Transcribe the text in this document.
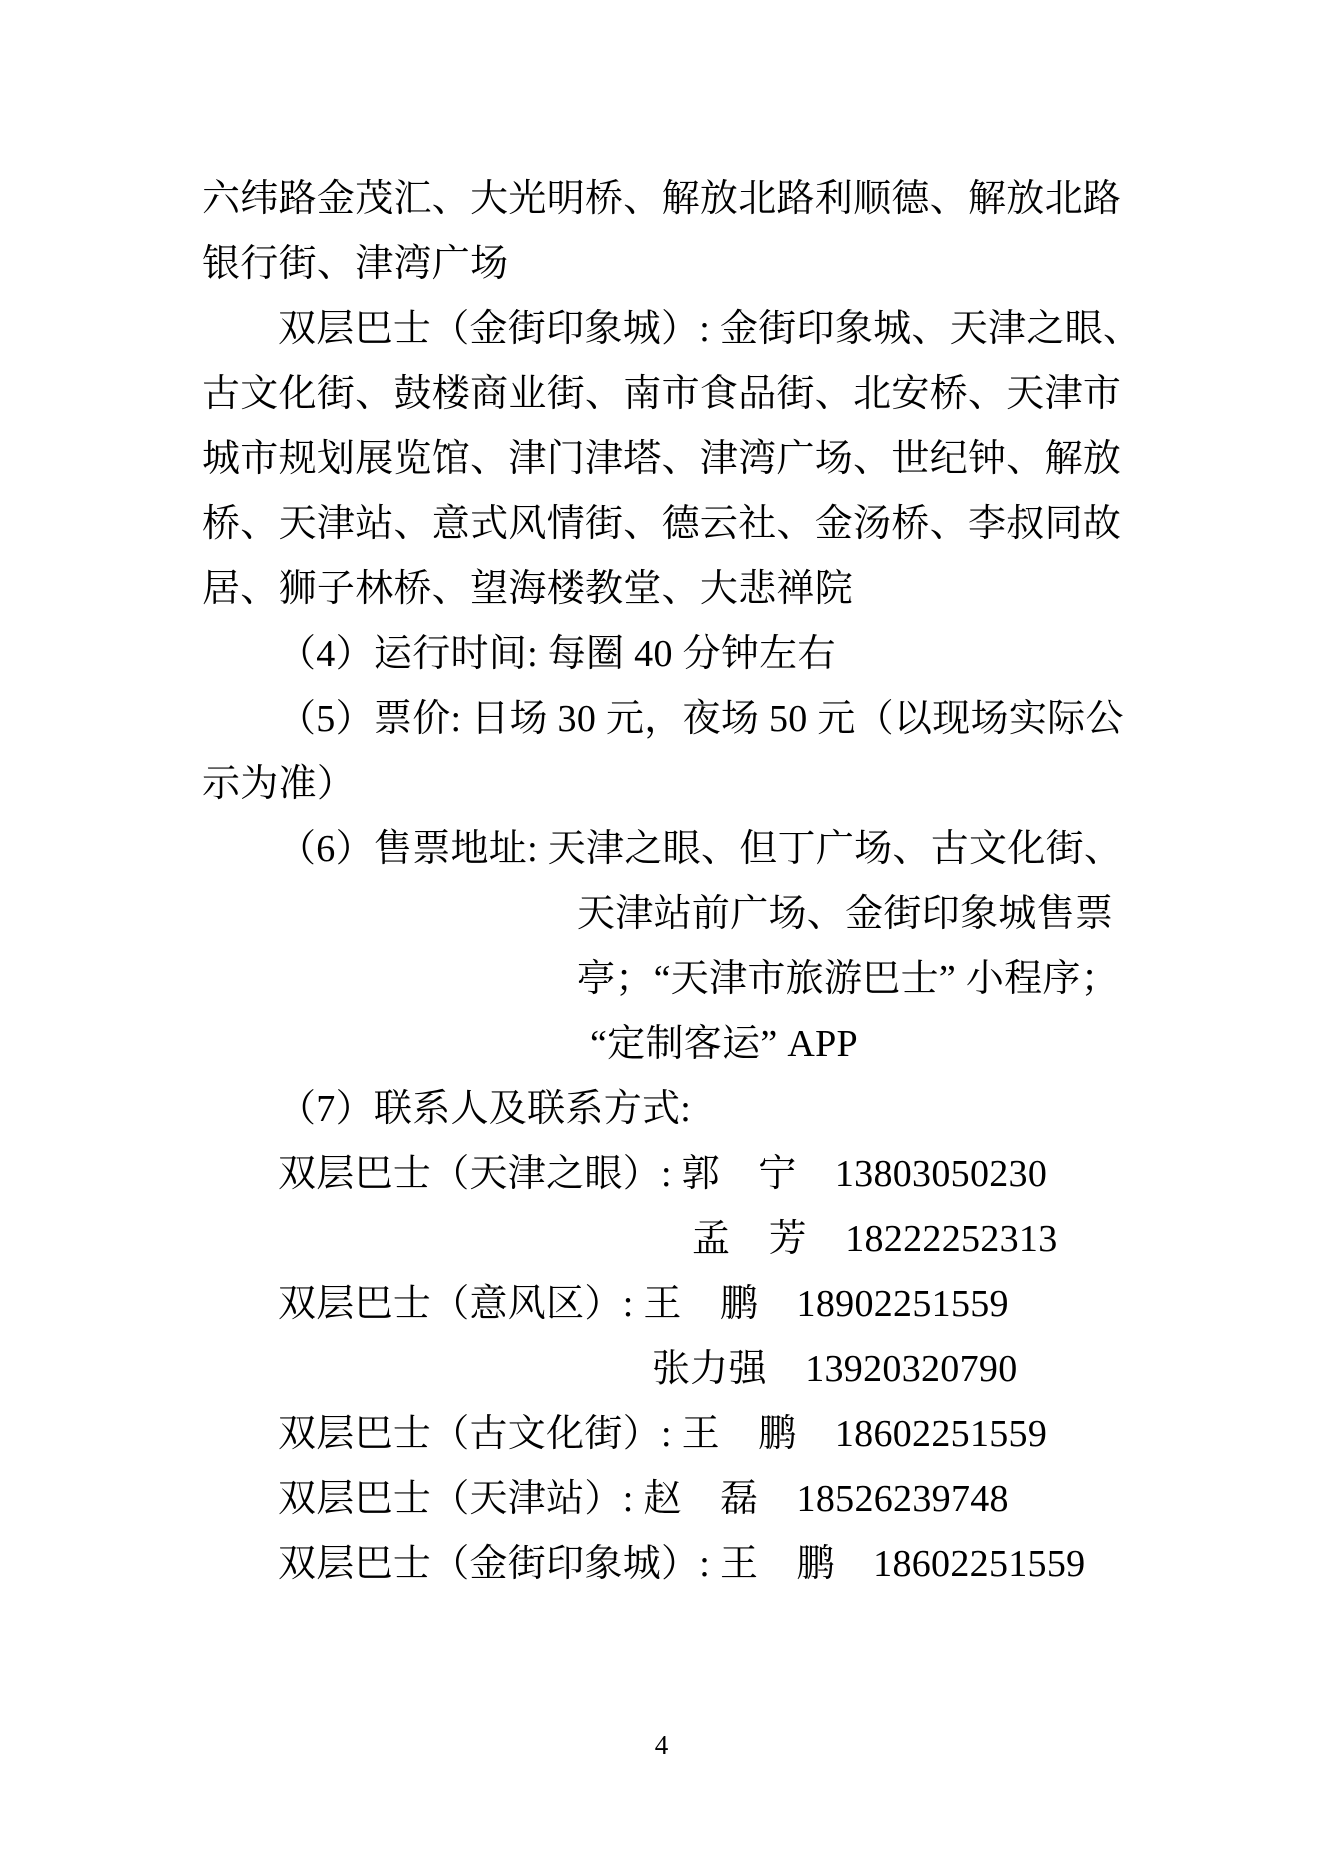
六纬路金茂汇、大光明桥、解放北路利顺德、解放北路
银行街、津湾广场
双层巴士（金街印象城）: 金街印象城、天津之眼、
古文化街、鼓楼商业街、南市食品街、北安桥、天津市
城市规划展览馆、津门津塔、津湾广场、世纪钟、解放
桥、天津站、意式风情街、德云社、金汤桥、李叔同故
居、狮子林桥、望海楼教堂、大悲禅院
（4）运行时间: 每圈 40 分钟左右
（5）票价: 日场 30 元，夜场 50 元（以现场实际公
示为准）
（6）售票地址: 天津之眼、但丁广场、古文化街、
天津站前广场、金街印象城售票
亭；“天津市旅游巴士” 小程序；
“定制客运” APP
（7）联系人及联系方式:
双层巴士（天津之眼）: 郭　宁　13803050230
孟　芳　18222252313
双层巴士（意风区）: 王　鹏　18902251559
张力强　13920320790
双层巴士（古文化街）: 王　鹏　18602251559
双层巴士（天津站）: 赵　磊　18526239748
双层巴士（金街印象城）: 王　鹏　18602251559
4
